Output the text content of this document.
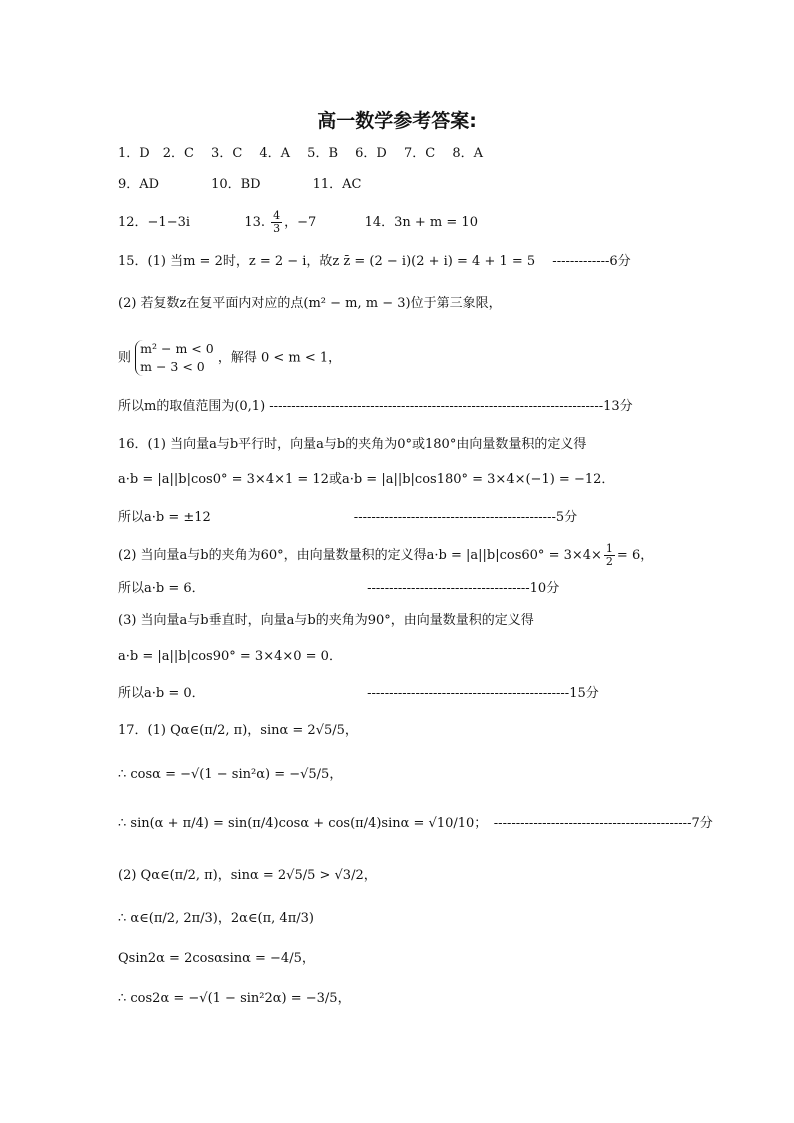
高一数学参考答案:
1．D　2．C　 3．C　 4．A　 5．B　 6．D　 7．C　 8．A
9．AD　　　　10．BD　　　　11．AC
12．−1−3i	13. $\frac{4}{3}$ ，−7	14．3n + m = 10
15．(1) 当m = 2时，z = 2 − i，故z z̄ = (2 − i)(2 + i) = 4 + 1 = 5　 -------------6分
(2) 若复数z在复平面内对应的点(m² − m, m − 3)位于第三象限，
则
m² − m < 0
m − 3 < 0
，解得 0 < m < 1，
所以m的取值范围为(0,1) ----------------------------------------------------------------------------13分
16．(1) 当向量a与b平行时，向量a与b的夹角为0°或180°由向量数量积的定义得
a·b = |a||b|cos0° = 3×4×1 = 12或a·b = |a||b|cos180° = 3×4×(−1) = −12．
所以a·b = ±12　　　　　　　　　　　----------------------------------------------5分
(2) 当向量a与b的夹角为60°，由向量数量积的定义得$a\cdot b = |a||b|\cos 60^\circ = 3\times 4\times \frac{1}{2} = 6$，
所以a·b = 6．　　　　　　　　　　　　　-------------------------------------10分
(3) 当向量a与b垂直时，向量a与b的夹角为90°，由向量数量积的定义得
a·b = |a||b|cos90° = 3×4×0 = 0．
所以a·b = 0．　　　　　　　　　　　　　----------------------------------------------15分
17．(1) Qα∈(π/2, π)，sinα = 2√5/5，
∴ cosα = −√(1 − sin²α) = −√5/5，
∴ sin(α + π/4) = sin(π/4)cosα + cos(π/4)sinα = √10/10；　---------------------------------------------7分
(2) Qα∈(π/2, π)，sinα = 2√5/5 > √3/2，
∴ α∈(π/2, 2π/3)，2α∈(π, 4π/3)
Qsin2α = 2cosαsinα = −4/5，
∴ cos2α = −√(1 − sin²2α) = −3/5，
